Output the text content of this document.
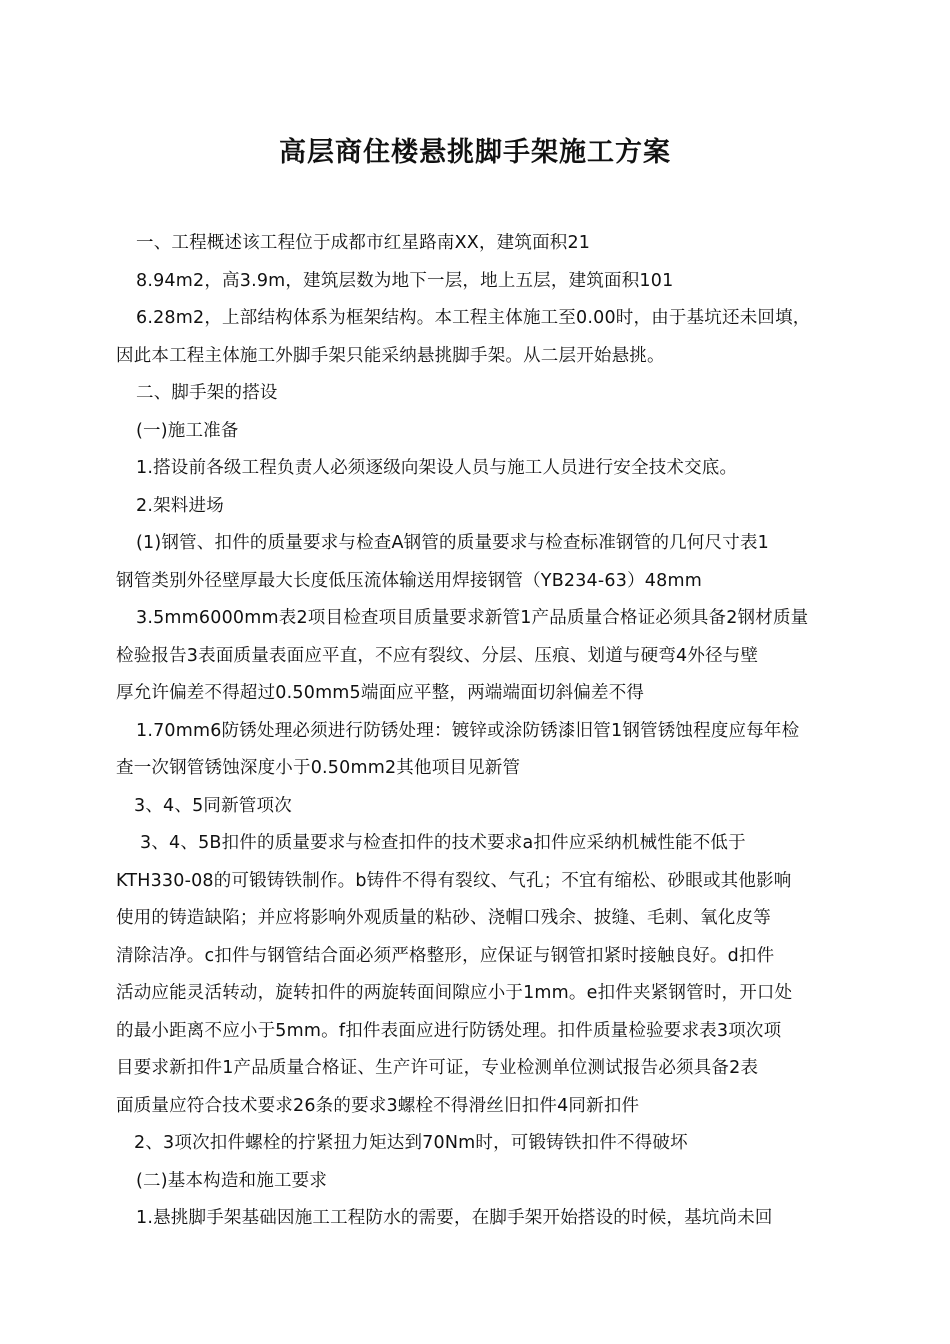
高层商住楼悬挑脚手架施工方案
一、工程概述该工程位于成都市红星路南XX，建筑面积21
8.94m2，高3.9m，建筑层数为地下一层，地上五层，建筑面积101
6.28m2，上部结构体系为框架结构。本工程主体施工至0.00时，由于基坑还未回填，
因此本工程主体施工外脚手架只能采纳悬挑脚手架。从二层开始悬挑。
二、脚手架的搭设
(一)施工准备
1.搭设前各级工程负责人必须逐级向架设人员与施工人员进行安全技术交底。
2.架料进场
(1)钢管、扣件的质量要求与检查A钢管的质量要求与检查标准钢管的几何尺寸表1
钢管类别外径壁厚最大长度低压流体输送用焊接钢管（YB234-63）48mm
3.5mm6000mm表2项目检查项目质量要求新管1产品质量合格证必须具备2钢材质量
检验报告3表面质量表面应平直，不应有裂纹、分层、压痕、划道与硬弯4外径与壁
厚允许偏差不得超过0.50mm5端面应平整，两端端面切斜偏差不得
1.70mm6防锈处理必须进行防锈处理：镀锌或涂防锈漆旧管1钢管锈蚀程度应每年检
查一次钢管锈蚀深度小于0.50mm2其他项目见新管
3、4、5同新管项次
3、4、5B扣件的质量要求与检查扣件的技术要求a扣件应采纳机械性能不低于
KTH330-08的可锻铸铁制作。b铸件不得有裂纹、气孔；不宜有缩松、砂眼或其他影响
使用的铸造缺陷；并应将影响外观质量的粘砂、浇帽口残余、披缝、毛刺、氧化皮等
清除洁净。c扣件与钢管结合面必须严格整形，应保证与钢管扣紧时接触良好。d扣件
活动应能灵活转动，旋转扣件的两旋转面间隙应小于1mm。e扣件夹紧钢管时，开口处
的最小距离不应小于5mm。f扣件表面应进行防锈处理。扣件质量检验要求表3项次项
目要求新扣件1产品质量合格证、生产许可证，专业检测单位测试报告必须具备2表
面质量应符合技术要求26条的要求3螺栓不得滑丝旧扣件4同新扣件
2、3项次扣件螺栓的拧紧扭力矩达到70Nm时，可锻铸铁扣件不得破坏
(二)基本构造和施工要求
1.悬挑脚手架基础因施工工程防水的需要，在脚手架开始搭设的时候，基坑尚未回
